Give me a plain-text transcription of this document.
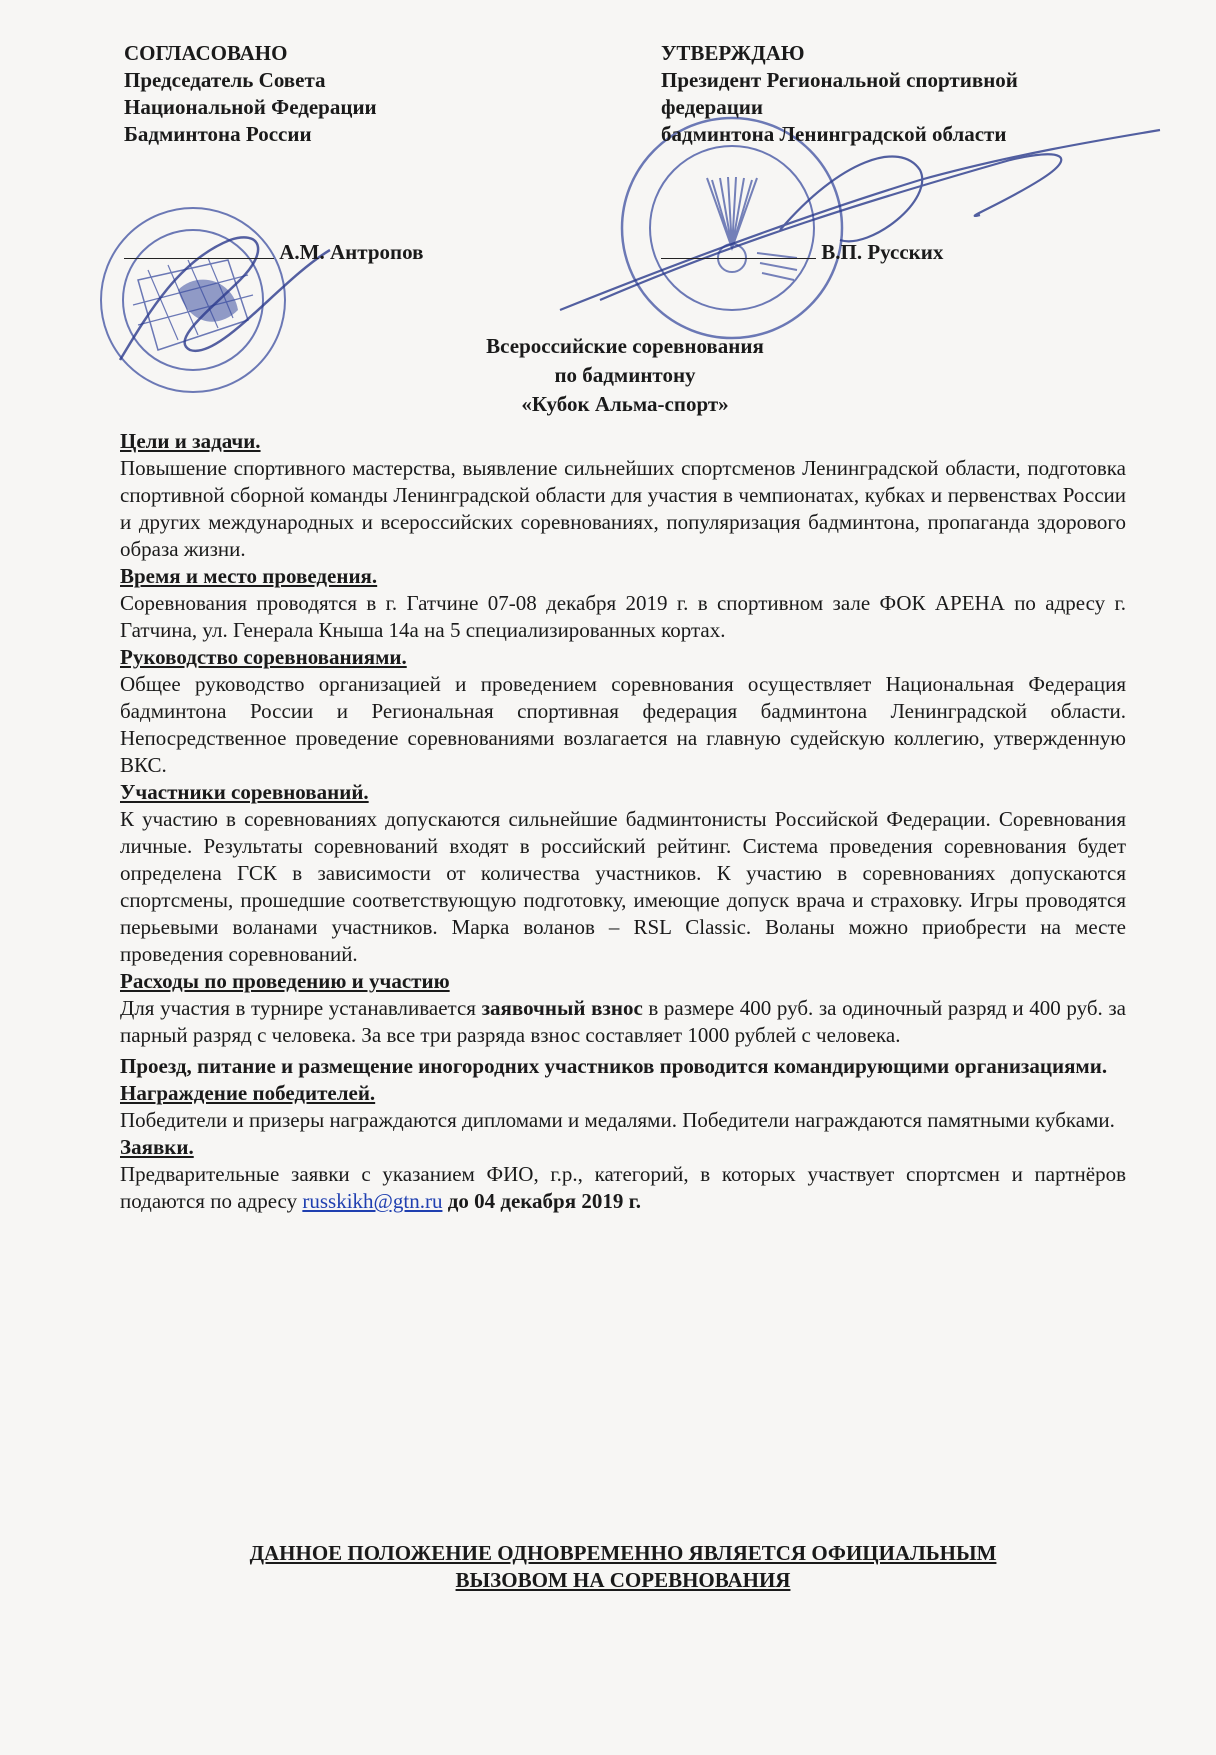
СОГЛАСОВАНО
Председатель Совета
Национальной Федерации
Бадминтона России
УТВЕРЖДАЮ
Президент Региональной спортивной
федерации
бадминтона Ленинградской области
А.М. Антропов	В.П. Русских
Всероссийские соревнования
по бадминтону
«Кубок Альма-спорт»
Цели и задачи.

Повышение спортивного мастерства, выявление сильнейших спортсменов Ленинградской области, подготовка спортивной сборной команды Ленинградской области для участия в чемпионатах, кубках и первенствах России и других международных и всероссийских соревнованиях, популяризация бадминтона, пропаганда здорового образа жизни.

Время и место проведения.

Соревнования проводятся в г. Гатчине 07-08 декабря 2019 г. в спортивном зале ФОК АРЕНА по адресу г. Гатчина, ул. Генерала Кныша 14а на 5 специализированных кортах.

Руководство соревнованиями.

Общее руководство организацией и проведением соревнования осуществляет Национальная Федерация бадминтона России и Региональная спортивная федерация бадминтона Ленинградской области. Непосредственное проведение соревнованиями возлагается на главную судейскую коллегию, утвержденную ВКС.

Участники соревнований.

К участию в соревнованиях допускаются сильнейшие бадминтонисты Российской Федерации. Соревнования личные. Результаты соревнований входят в российский рейтинг. Система проведения соревнования будет определена ГСК в зависимости от количества участников. К участию в соревнованиях допускаются спортсмены, прошедшие соответствующую подготовку, имеющие допуск врача и страховку. Игры проводятся перьевыми воланами участников. Марка воланов – RSL Classic. Воланы можно приобрести на месте проведения соревнований.

Расходы по проведению и участию

Для участия в турнире устанавливается заявочный взнос в размере 400 руб. за одиночный разряд и 400 руб. за парный разряд с человека. За все три разряда взнос составляет 1000 рублей с человека.

Проезд, питание и размещение иногородних участников проводится командирующими организациями.

Награждение победителей.

Победители и призеры награждаются дипломами и медалями. Победители награждаются памятными кубками.

Заявки.

Предварительные заявки с указанием ФИО, г.р., категорий, в которых участвует спортсмен и партнёров подаются по адресу russkikh@gtn.ru до 04 декабря 2019 г.

ДАННОЕ ПОЛОЖЕНИЕ ОДНОВРЕМЕННО ЯВЛЯЕТСЯ ОФИЦИАЛЬНЫМ
ВЫЗОВОМ НА СОРЕВНОВАНИЯ
